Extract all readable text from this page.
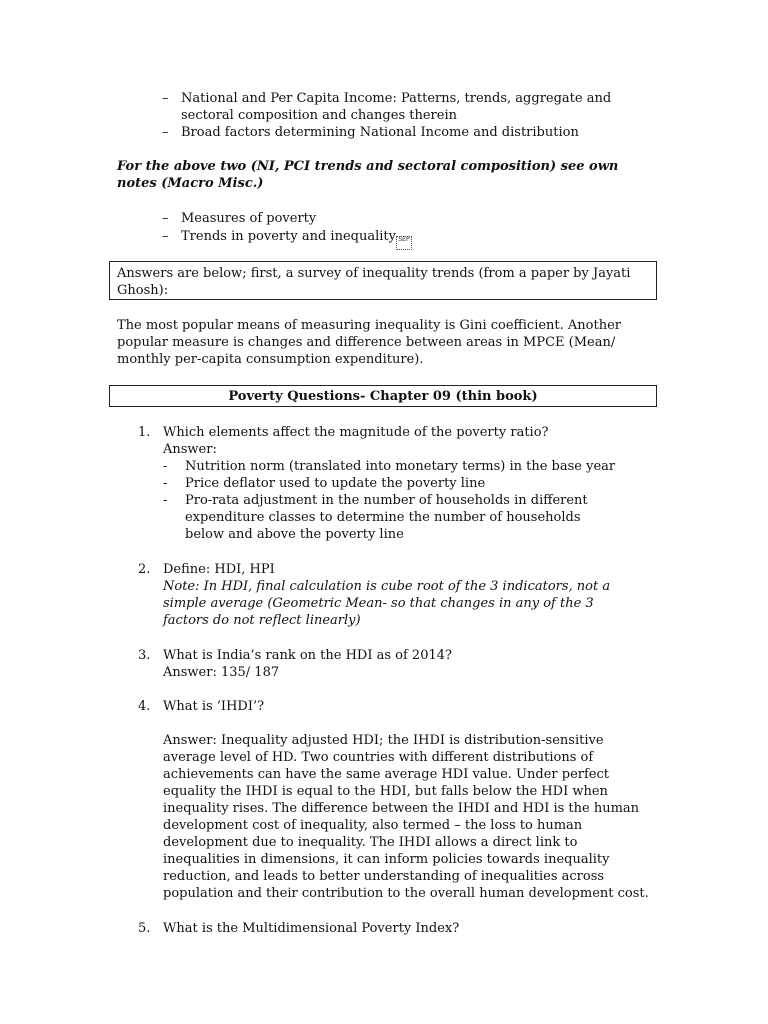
– National and Per Capita Income: Patterns, trends, aggregate and sectoral composition and changes therein
– Broad factors determining National Income and distribution
For the above two (NI, PCI trends and sectoral composition) see own notes (Macro Misc.)
– Measures of poverty
– Trends in poverty and inequality SEP
Answers are below; first, a survey of inequality trends (from a paper by Jayati Ghosh):
The most popular means of measuring inequality is Gini coefficient. Another popular measure is changes and difference between areas in MPCE (Mean/ monthly per-capita consumption expenditure).
Poverty Questions- Chapter 09 (thin book)
1. Which elements affect the magnitude of the poverty ratio?
Answer:
- Nutrition norm (translated into monetary terms) in the base year
- Price deflator used to update the poverty line
- Pro-rata adjustment in the number of households in different expenditure classes to determine the number of households below and above the poverty line
2. Define: HDI, HPI
Note: In HDI, final calculation is cube root of the 3 indicators, not a simple average (Geometric Mean- so that changes in any of the 3 factors do not reflect linearly)
3. What is India’s rank on the HDI as of 2014?
Answer: 135/ 187
4. What is ‘IHDI’?
Answer: Inequality adjusted HDI; the IHDI is distribution-sensitive average level of HD. Two countries with different distributions of achievements can have the same average HDI value. Under perfect equality the IHDI is equal to the HDI, but falls below the HDI when inequality rises. The difference between the IHDI and HDI is the human development cost of inequality, also termed – the loss to human development due to inequality. The IHDI allows a direct link to inequalities in dimensions, it can inform policies towards inequality reduction, and leads to better understanding of inequalities across population and their contribution to the overall human development cost.
5. What is the Multidimensional Poverty Index?
